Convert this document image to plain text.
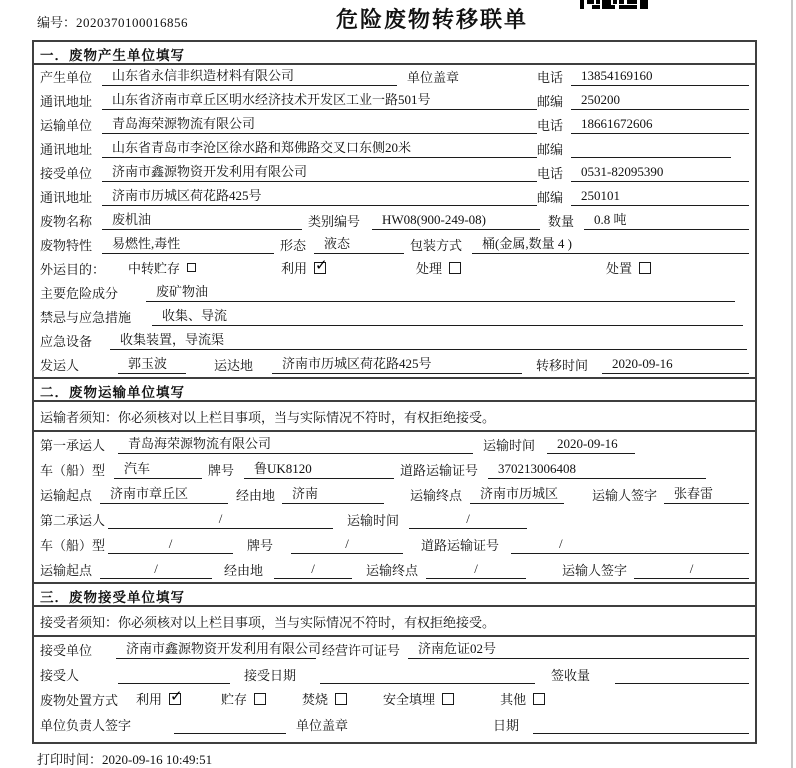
编号：2020370100016856	危险废物转移联单
一．废物产生单位填写
产生单位	山东省永信非织造材料有限公司	单位盖章	电话	13854169160
通讯地址	山东省济南市章丘区明水经济技术开发区工业一路501号	邮编	250200
运输单位	青岛海荣源物流有限公司	电话	18661672606
通讯地址	山东省青岛市李沧区徐水路和郑佛路交叉口东侧20米	邮编
接受单位	济南市鑫源物资开发利用有限公司	电话	0531-82095390
通讯地址	济南市历城区荷花路425号	邮编	250101
废物名称	废机油	类别编号	HW08(900-249-08)	数量	0.8 吨
废物特性	易燃性,毒性	形态	液态	包装方式	桶(金属,数量 4 )
外运目的：	中转贮存	利用 ✓	处理	处置
主要危险成分	废矿物油
禁忌与应急措施	收集、导流
应急设备	收集装置，导流渠
发运人	郭玉波	运达地	济南市历城区荷花路425号	转移时间	2020-09-16
二．废物运输单位填写
运输者须知：你必须核对以上栏目事项，当与实际情况不符时，有权拒绝接受。
第一承运人	青岛海荣源物流有限公司	运输时间	2020-09-16
车（船）型	汽车	牌号	鲁UK8120	道路运输证号	370213006408
运输起点	济南市章丘区	经由地	济南	运输终点	济南市历城区	运输人签字	张春雷
第二承运人	/	运输时间	/
车（船）型	/	牌号	/	道路运输证号	/
运输起点	/	经由地	/	运输终点	/	运输人签字	/
三．废物接受单位填写
接受者须知：你必须核对以上栏目事项，当与实际情况不符时，有权拒绝接受。
接受单位	济南市鑫源物资开发利用有限公司 经营许可证号	济南危证02号
接受人	接受日期	签收量
废物处置方式 利用 ✓	贮存	焚烧	安全填埋	其他
单位负责人签字	单位盖章	日期
打印时间：2020-09-16 10:49:51
